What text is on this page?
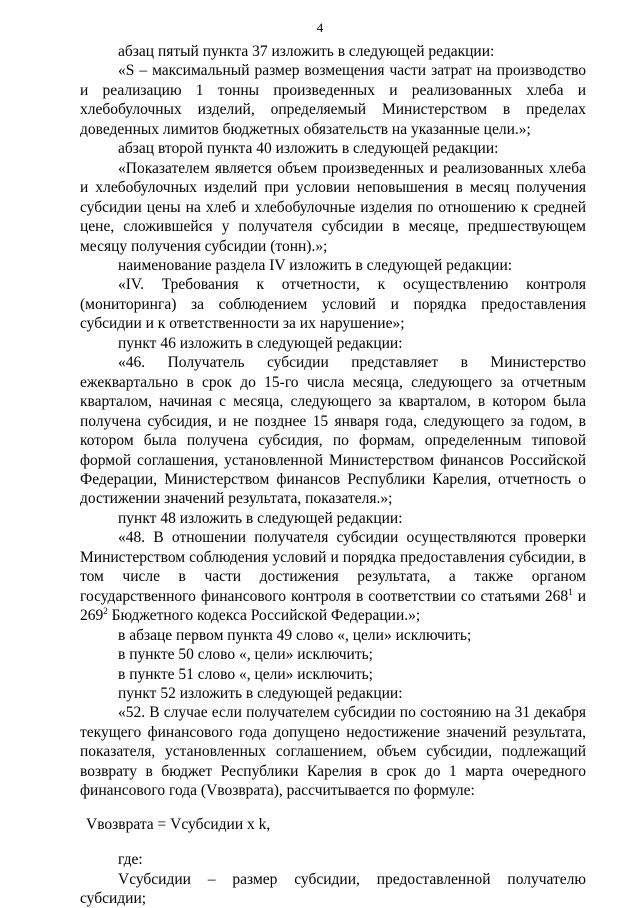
4

абзац пятый пункта 37 изложить в следующей редакции:

«S – максимальный размер возмещения части затрат на производство и реализацию 1 тонны произведенных и реализованных хлеба и хлебобулочных изделий, определяемый Министерством в пределах доведенных лимитов бюджетных обязательств на указанные цели.»;

абзац второй пункта 40 изложить в следующей редакции:

«Показателем является объем произведенных и реализованных хлеба и хлебобулочных изделий при условии неповышения в месяц получения субсидии цены на хлеб и хлебобулочные изделия по отношению к средней цене, сложившейся у получателя субсидии в месяце, предшествующем месяцу получения субсидии (тонн).»;

наименование раздела IV изложить в следующей редакции:

«IV. Требования к отчетности, к осуществлению контроля (мониторинга) за соблюдением условий и порядка предоставления субсидии и к ответственности за их нарушение»;

пункт 46 изложить в следующей редакции:

«46. Получатель субсидии представляет в Министерство ежеквартально в срок до 15-го числа месяца, следующего за отчетным кварталом, начиная с месяца, следующего за кварталом, в котором была получена субсидия, и не позднее 15 января года, следующего за годом, в котором была получена субсидия, по формам, определенным типовой формой соглашения, установленной Министерством финансов Российской Федерации, Министерством финансов Республики Карелия, отчетность о достижении значений результата, показателя.»;

пункт 48 изложить в следующей редакции:

«48. В отношении получателя субсидии осуществляются проверки Министерством соблюдения условий и порядка предоставления субсидии, в том числе в части достижения результата, а также органом государственного финансового контроля в соответствии со статьями $268^1$ и $269^2$ Бюджетного кодекса Российской Федерации.»;

в абзаце первом пункта 49 слово «, цели» исключить;

в пункте 50 слово «, цели» исключить;

в пункте 51 слово «, цели» исключить;

пункт 52 изложить в следующей редакции:

«52. В случае если получателем субсидии по состоянию на 31 декабря текущего финансового года допущено недостижение значений результата, показателя, установленных соглашением, объем субсидии, подлежащий возврату в бюджет Республики Карелия в срок до 1 марта очередного финансового года (Vвозврата), рассчитывается по формуле:

Vвозврата = Vсубсидии x k,

где:

Vсубсидии – размер субсидии, предоставленной получателю субсидии;
